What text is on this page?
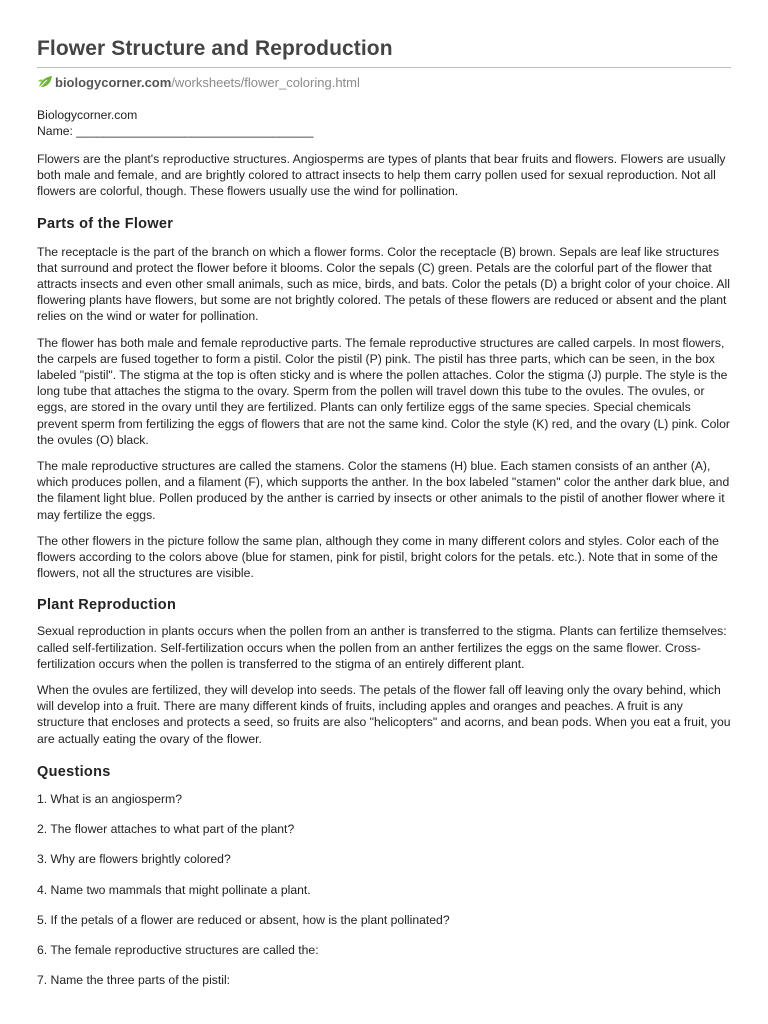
Flower Structure and Reproduction
biologycorner.com /worksheets/flower_coloring.html
Biologycorner.com
Name: ___________________________________

Flowers are the plant's reproductive structures. Angiosperms are types of plants that bear fruits and flowers. Flowers are usually both male and female, and are brightly colored to attract insects to help them carry pollen used for sexual reproduction. Not all flowers are colorful, though. These flowers usually use the wind for pollination.

Parts of the Flower

The receptacle is the part of the branch on which a flower forms. Color the receptacle (B) brown. Sepals are leaf like structures that surround and protect the flower before it blooms. Color the sepals (C) green. Petals are the colorful part of the flower that attracts insects and even other small animals, such as mice, birds, and bats. Color the petals (D) a bright color of your choice. All flowering plants have flowers, but some are not brightly colored. The petals of these flowers are reduced or absent and the plant relies on the wind or water for pollination.

The flower has both male and female reproductive parts. The female reproductive structures are called carpels. In most flowers, the carpels are fused together to form a pistil. Color the pistil (P) pink. The pistil has three parts, which can be seen, in the box labeled "pistil". The stigma at the top is often sticky and is where the pollen attaches. Color the stigma (J) purple. The style is the long tube that attaches the stigma to the ovary. Sperm from the pollen will travel down this tube to the ovules. The ovules, or eggs, are stored in the ovary until they are fertilized. Plants can only fertilize eggs of the same species. Special chemicals prevent sperm from fertilizing the eggs of flowers that are not the same kind. Color the style (K) red, and the ovary (L) pink. Color the ovules (O) black.

The male reproductive structures are called the stamens. Color the stamens (H) blue. Each stamen consists of an anther (A), which produces pollen, and a filament (F), which supports the anther. In the box labeled "stamen" color the anther dark blue, and the filament light blue. Pollen produced by the anther is carried by insects or other animals to the pistil of another flower where it may fertilize the eggs.

The other flowers in the picture follow the same plan, although they come in many different colors and styles. Color each of the flowers according to the colors above (blue for stamen, pink for pistil, bright colors for the petals. etc.). Note that in some of the flowers, not all the structures are visible.

Plant Reproduction

Sexual reproduction in plants occurs when the pollen from an anther is transferred to the stigma. Plants can fertilize themselves: called self-fertilization. Self-fertilization occurs when the pollen from an anther fertilizes the eggs on the same flower. Cross-fertilization occurs when the pollen is transferred to the stigma of an entirely different plant.

When the ovules are fertilized, they will develop into seeds. The petals of the flower fall off leaving only the ovary behind, which will develop into a fruit. There are many different kinds of fruits, including apples and oranges and peaches. A fruit is any structure that encloses and protects a seed, so fruits are also "helicopters" and acorns, and bean pods. When you eat a fruit, you are actually eating the ovary of the flower.

Questions
1. What is an angiosperm?
2. The flower attaches to what part of the plant?
3. Why are flowers brightly colored?
4. Name two mammals that might pollinate a plant.
5. If the petals of a flower are reduced or absent, how is the plant pollinated?
6. The female reproductive structures are called the:
7. Name the three parts of the pistil:
